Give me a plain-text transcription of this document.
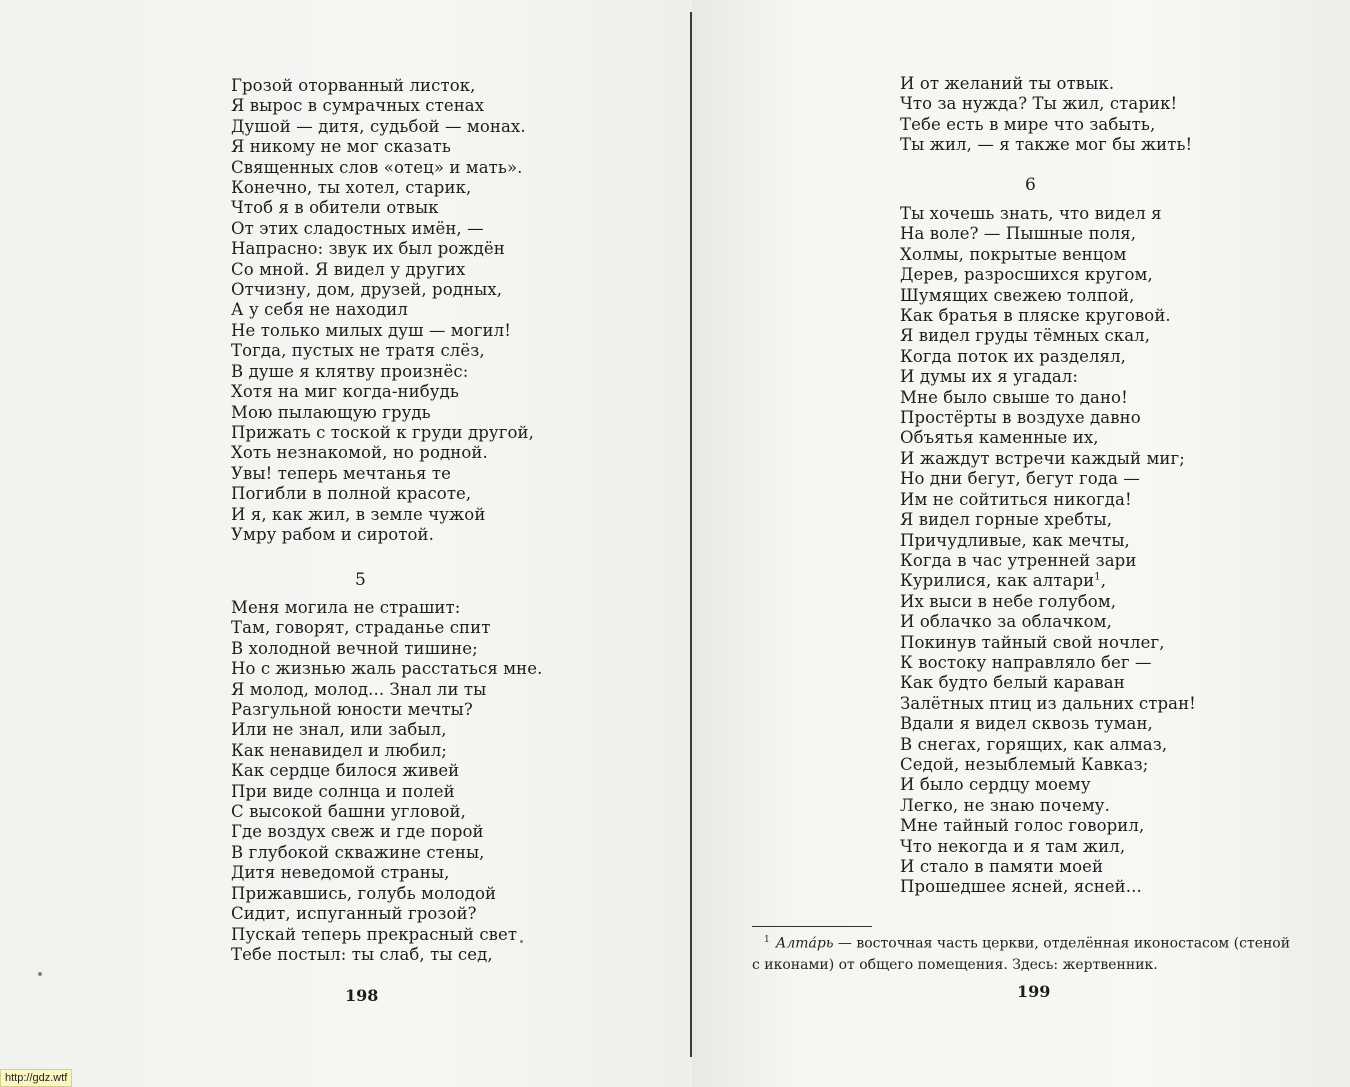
Грозой оторванный листок,
Я вырос в сумрачных стенах
Душой — дитя, судьбой — монах.
Я никому не мог сказать
Священных слов «отец» и мать».
Конечно, ты хотел, старик,
Чтоб я в обители отвык
От этих сладостных имён, —
Напрасно: звук их был рождён
Со мной. Я видел у других
Отчизну, дом, друзей, родных,
А у себя не находил
Не только милых душ — могил!
Тогда, пустых не тратя слёз,
В душе я клятву произнёс:
Хотя на миг когда-нибудь
Мою пылающую грудь
Прижать с тоской к груди другой,
Хоть незнакомой, но родной.
Увы! теперь мечтанья те
Погибли в полной красоте,
И я, как жил, в земле чужой
Умру рабом и сиротой.
5
Меня могила не страшит:
Там, говорят, страданье спит
В холодной вечной тишине;
Но с жизнью жаль расстаться мне.
Я молод, молод... Знал ли ты
Разгульной юности мечты?
Или не знал, или забыл,
Как ненавидел и любил;
Как сердце билося живей
При виде солнца и полей
С высокой башни угловой,
Где воздух свеж и где порой
В глубокой скважине стены,
Дитя неведомой страны,
Прижавшись, голубь молодой
Сидит, испуганный грозой?
Пускай теперь прекрасный свет
Тебе постыл: ты слаб, ты сед,
198
И от желаний ты отвык.
Что за нужда? Ты жил, старик!
Тебе есть в мире что забыть,
Ты жил, — я также мог бы жить!
6
Ты хочешь знать, что видел я
На воле? — Пышные поля,
Холмы, покрытые венцом
Дерев, разросшихся кругом,
Шумящих свежею толпой,
Как братья в пляске круговой.
Я видел груды тёмных скал,
Когда поток их разделял,
И думы их я угадал:
Мне было свыше то дано!
Простёрты в воздухе давно
Объятья каменные их,
И жаждут встречи каждый миг;
Но дни бегут, бегут года —
Им не сойтиться никогда!
Я видел горные хребты,
Причудливые, как мечты,
Когда в час утренней зари
Курилися, как алтари$^1$,
Их выси в небе голубом,
И облачко за облачком,
Покинув тайный свой ночлег,
К востоку направляло бег —
Как будто белый караван
Залётных птиц из дальних стран!
Вдали я видел сквозь туман,
В снегах, горящих, как алмаз,
Седой, незыблемый Кавказ;
И было сердцу моему
Легко, не знаю почему.
Мне тайный голос говорил,
Что некогда и я там жил,
И стало в памяти моей
Прошедшее ясней, ясней...
$^1$ Алта́рь — восточная часть церкви, отделённая иконостасом (стеной
с иконами) от общего помещения. Здесь: жертвенник.
199
http://gdz.wtf
